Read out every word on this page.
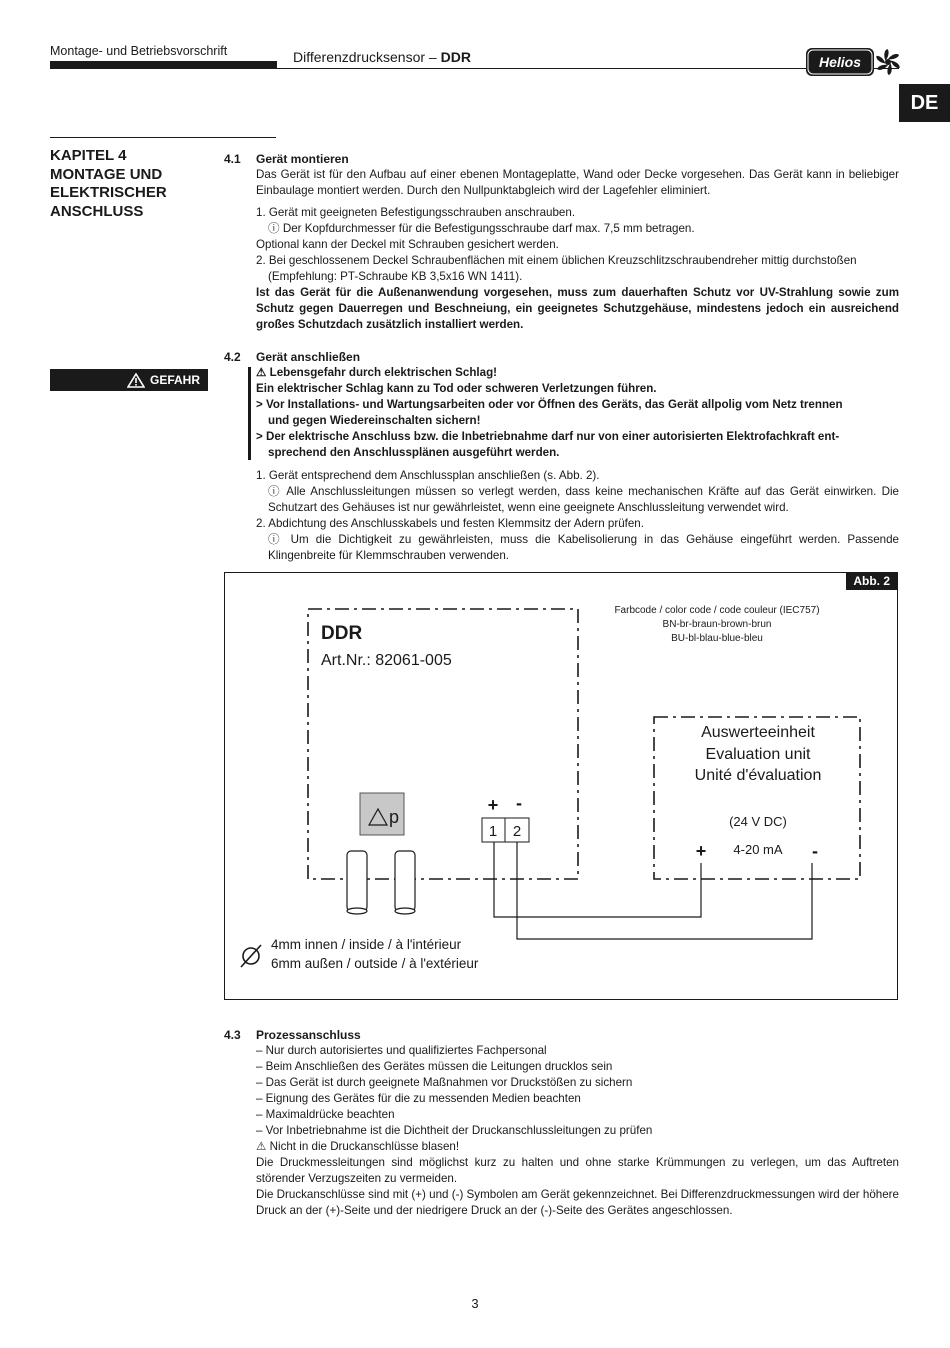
Montage- und Betriebsvorschrift	Differenzdrucksensor – DDR	Helios
DE
KAPITEL 4
MONTAGE UND
ELEKTRISCHER
ANSCHLUSS
4.1 Gerät montieren

Das Gerät ist für den Aufbau auf einer ebenen Montageplatte, Wand oder Decke vorgesehen. Das Gerät kann in beliebiger Einbaulage montiert werden. Durch den Nullpunktabgleich wird der Lagefehler eliminiert.

1. Gerät mit geeigneten Befestigungsschrauben anschrauben.

ⓘ Der Kopfdurchmesser für die Befestigungsschraube darf max. 7,5 mm betragen.

Optional kann der Deckel mit Schrauben gesichert werden.

2. Bei geschlossenem Deckel Schraubenflächen mit einem üblichen Kreuzschlitzschraubendreher mittig durchstoßen

(Empfehlung: PT-Schraube KB 3,5x16 WN 1411).

Ist das Gerät für die Außenanwendung vorgesehen, muss zum dauerhaften Schutz vor UV-Strahlung sowie zum Schutz gegen Dauerregen und Beschneiung, ein geeignetes Schutzgehäuse, mindestens jedoch ein ausreichend großes Schutzdach zusätzlich installiert werden.

4.2 Gerät anschließen
GEFAHR

⚠ Lebensgefahr durch elektrischen Schlag!

Ein elektrischer Schlag kann zu Tod oder schweren Verletzungen führen.

> Vor Installations- und Wartungsarbeiten oder vor Öffnen des Geräts, das Gerät allpolig vom Netz trennen

und gegen Wiedereinschalten sichern!

> Der elektrische Anschluss bzw. die Inbetriebnahme darf nur von einer autorisierten Elektrofachkraft ent-

sprechend den Anschlussplänen ausgeführt werden.

1. Gerät entsprechend dem Anschlussplan anschließen (s. Abb. 2).

ⓘ Alle Anschlussleitungen müssen so verlegt werden, dass keine mechanischen Kräfte auf das Gerät einwirken. Die Schutzart des Gehäuses ist nur gewährleistet, wenn eine geeignete Anschlussleitung verwendet wird.

2. Abdichtung des Anschlusskabels und festen Klemmsitz der Adern prüfen.

ⓘ Um die Dichtigkeit zu gewährleisten, muss die Kabelisolierung in das Gehäuse eingeführt werden. Passende Klingenbreite für Klemmschrauben verwenden.

Abb. 2
Farbcode / color code / code couleur (IEC757)
BN-br-braun-brown-brun
BU-bl-blau-blue-bleu
DDR
Art.Nr.: 82061-005
p
+ -
1 2
Auswerteeinheit
Evaluation unit
Unité d'évaluation
(24 V DC)
4-20 mA
+	-
4mm innen / inside / à l'intérieur
6mm außen / outside / à l'extérieur
4.3 Prozessanschluss

– Nur durch autorisiertes und qualifiziertes Fachpersonal

– Beim Anschließen des Gerätes müssen die Leitungen drucklos sein

– Das Gerät ist durch geeignete Maßnahmen vor Druckstößen zu sichern

– Eignung des Gerätes für die zu messenden Medien beachten

– Maximaldrücke beachten

– Vor Inbetriebnahme ist die Dichtheit der Druckanschlussleitungen zu prüfen

⚠ Nicht in die Druckanschlüsse blasen!

Die Druckmessleitungen sind möglichst kurz zu halten und ohne starke Krümmungen zu verlegen, um das Auftreten störender Verzugszeiten zu vermeiden.

Die Druckanschlüsse sind mit (+) und (-) Symbolen am Gerät gekennzeichnet. Bei Differenzdruckmessungen wird der höhere Druck an der (+)-Seite und der niedrigere Druck an der (-)-Seite des Gerätes angeschlossen.

3
